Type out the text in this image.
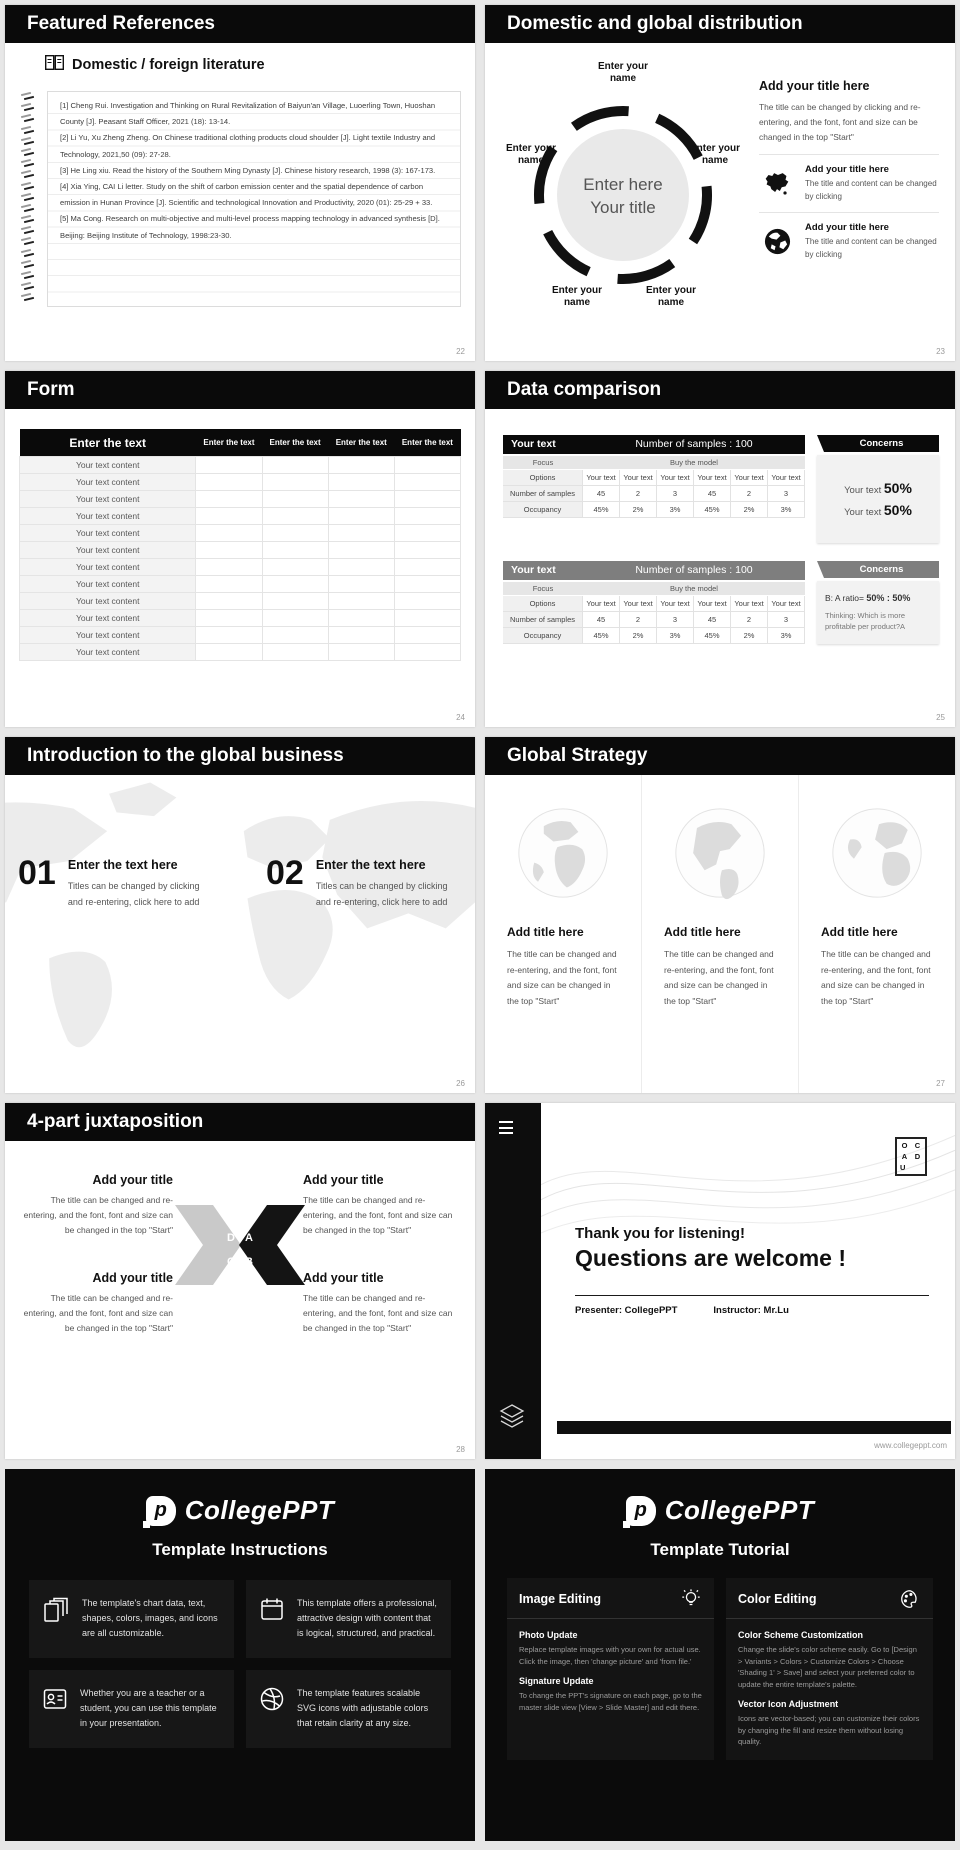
Featured References
Domestic / foreign literature

[1] Cheng Rui. Investigation and Thinking on Rural Revitalization of Baiyun'an Village, Luoerling Town, Huoshan County [J]. Peasant Staff Officer, 2021 (18): 13-14.

[2] Li Yu, Xu Zheng Zheng. On Chinese traditional clothing products cloud shoulder [J]. Light textile Industry and Technology, 2021,50 (09): 27-28.

[3] He Ling xiu. Read the history of the Southern Ming Dynasty [J]. Chinese history research, 1998 (3): 167-173.

[4] Xia Ying, CAI Li letter. Study on the shift of carbon emission center and the spatial dependence of carbon emission in Hunan Province [J]. Scientific and technological Innovation and Productivity, 2020 (01): 25-29 + 33.

[5] Ma Cong. Research on multi-objective and multi-level process mapping technology in advanced synthesis [D]. Beijing: Beijing Institute of Technology, 1998:23-30.

22
Domestic and global distribution
Enter here
Your title
Enter your name
Enter your name
Enter your name
Enter your name
Enter your name
Add your title here

The title can be changed by clicking and re-entering, and the font, font and size can be changed in the top "Start"

Add your title here

The title and content can be changed by clicking

Add your title here

The title and content can be changed by clicking

23
Form
Enter the text	Enter the text	Enter the text	Enter the text	Enter the text
Your text content				
Your text content				
Your text content				
Your text content				
Your text content				
Your text content				
Your text content				
Your text content				
Your text content				
Your text content				
Your text content				
Your text content				
24
Data comparison
Your text	Number of samples : 100
Focus	Buy the model
Options	Your text	Your text	Your text	Your text	Your text	Your text
Number of samples	45	2	3	45	2	3
Occupancy	45%	2%	3%	45%	2%	3%
Your text	Number of samples : 100
Focus	Buy the model
Options	Your text	Your text	Your text	Your text	Your text	Your text
Number of samples	45	2	3	45	2	3
Occupancy	45%	2%	3%	45%	2%	3%
Concerns
Your text 50%
Your text 50%
Concerns
B: A ratio= 50% : 50%
Thinking: Which is more profitable per product?A
25
Introduction to the global business
01 Enter the text here

Titles can be changed by clicking and re-entering, click here to add

02 Enter the text here

Titles can be changed by clicking and re-entering, click here to add

26
Global Strategy
Add title here

The title can be changed and re-entering, and the font, font and size can be changed in the top "Start"

Add title here

The title can be changed and re-entering, and the font, font and size can be changed in the top "Start"

Add title here

The title can be changed and re-entering, and the font, font and size can be changed in the top "Start"

27
4-part juxtaposition
Add your title

The title can be changed and re-entering, and the font, font and size can be changed in the top "Start"

Add your title

The title can be changed and re-entering, and the font, font and size can be changed in the top "Start"

Add your title

The title can be changed and re-entering, and the font, font and size can be changed in the top "Start"

Add your title

The title can be changed and re-entering, and the font, font and size can be changed in the top "Start"

D A
C B
28
O C
A	D
U
Thank you for listening!
Questions are welcome !
Presenter: CollegePPT	Instructor: Mr.Lu
www.collegeppt.com
p CollegePPT
Template Instructions

The template's chart data, text, shapes, colors, images, and icons are all customizable.

This template offers a professional, attractive design with content that is logical, structured, and practical.

Whether you are a teacher or a student, you can use this template in your presentation.

The template features scalable SVG icons with adjustable colors that retain clarity at any size.

p CollegePPT
Template Tutorial
Image Editing
Photo Update

Replace template images with your own for actual use. Click the image, then 'change picture' and 'from file.'

Signature Update

To change the PPT's signature on each page, go to the master slide view [View > Slide Master] and edit there.

Color Editing
Color Scheme Customization

Change the slide's color scheme easily. Go to [Design > Variants > Colors > Customize Colors > Choose 'Shading 1' > Save] and select your preferred color to update the entire template's palette.

Vector Icon Adjustment

Icons are vector-based; you can customize their colors by changing the fill and resize them without losing quality.
